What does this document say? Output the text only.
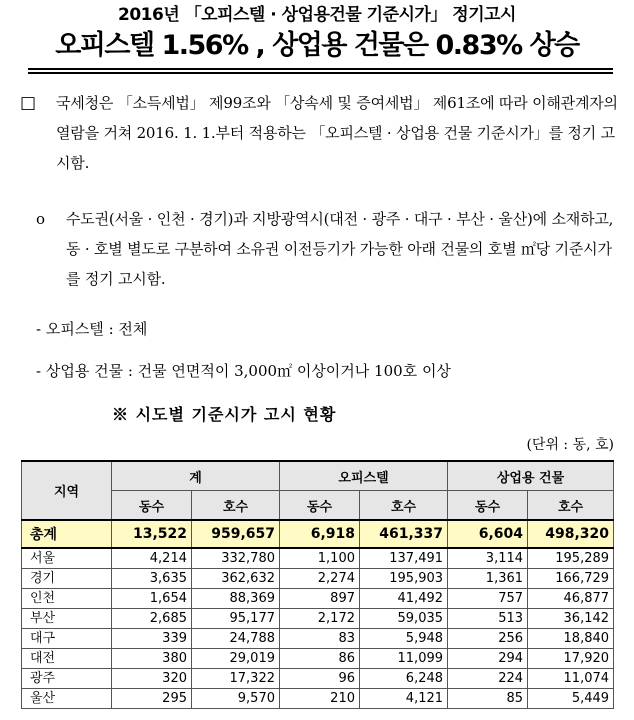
2016년 「오피스텔 · 상업용건물 기준시가」 정기고시
오피스텔 1.56% , 상업용 건물은 0.83% 상승
□ 국세청은 「소득세법」 제99조와 「상속세 및 증여세법」 제61조에 따라 이해관계자의 열람을 거쳐 2016. 1. 1.부터 적용하는 「오피스텔 · 상업용 건물 기준시가」를 정기 고시함.
o 수도권(서울 · 인천 · 경기)과 지방광역시(대전 · 광주 · 대구 · 부산 · 울산)에 소재하고, 동 · 호별 별도로 구분하여 소유권 이전등기가 가능한 아래 건물의 호별 ㎡당 기준시가를 정기 고시함.
- 오피스텔 : 전체
- 상업용 건물 : 건물 연면적이 3,000㎡ 이상이거나 100호 이상
※ 시도별 기준시가 고시 현황
(단위 : 동, 호)
지역	계		오피스텔		상업용 건물	
	동수	호수	동수	호수	동수	호수
총계	13,522	959,657	6,918	461,337	6,604	498,320
서울	4,214	332,780	1,100	137,491	3,114	195,289
경기	3,635	362,632	2,274	195,903	1,361	166,729
인천	1,654	88,369	897	41,492	757	46,877
부산	2,685	95,177	2,172	59,035	513	36,142
대구	339	24,788	83	5,948	256	18,840
대전	380	29,019	86	11,099	294	17,920
광주	320	17,322	96	6,248	224	11,074
울산	295	9,570	210	4,121	85	5,449
